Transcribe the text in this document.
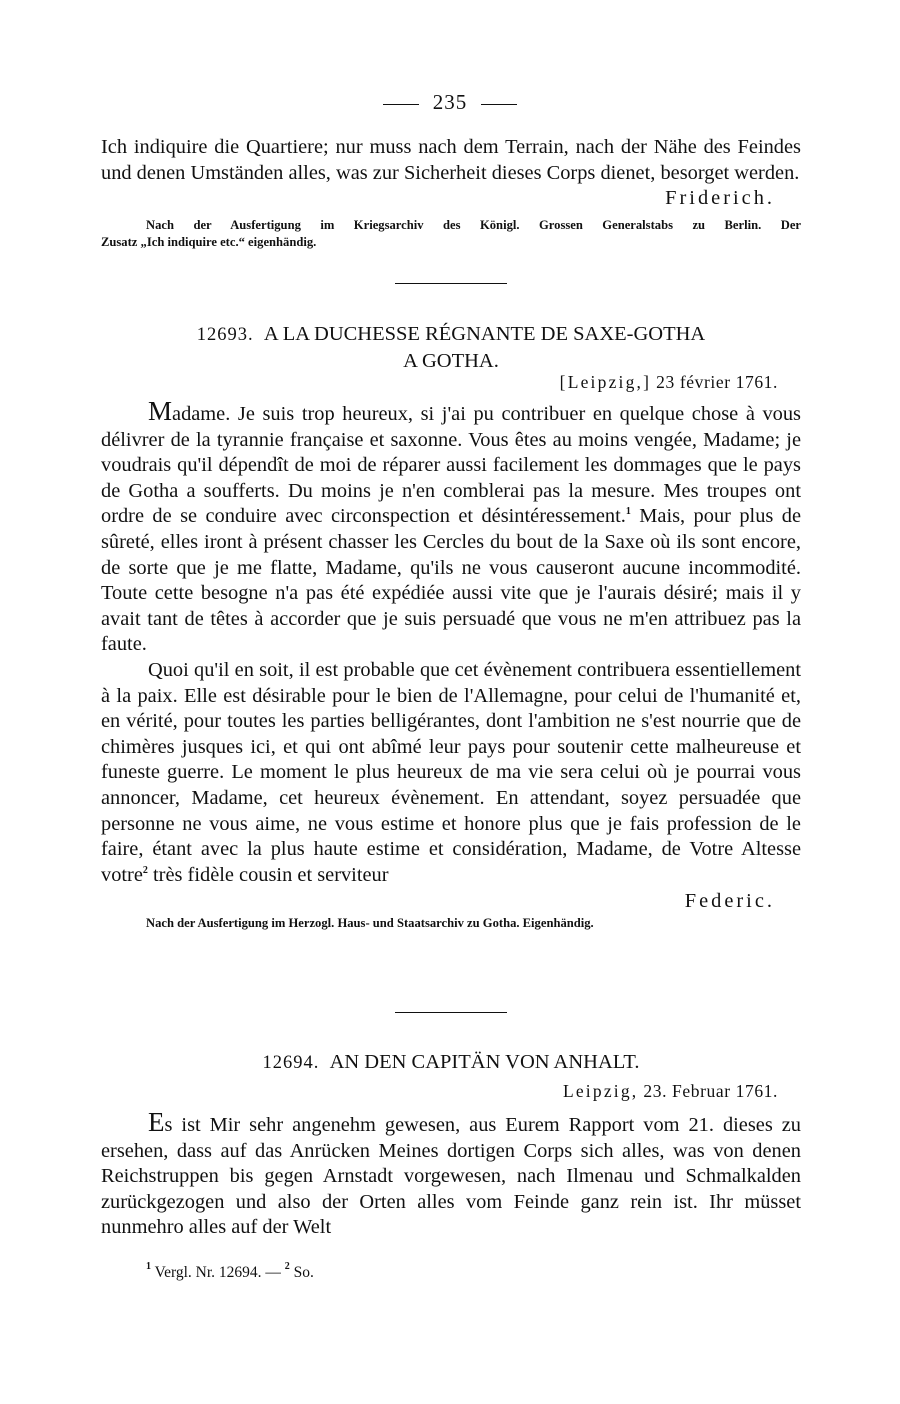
235

Ich indiquire die Quartiere; nur muss nach dem Terrain, nach der Nähe des Feindes und denen Umständen alles, was zur Sicherheit dieses Corps dienet, besorget werden.

Friderich.

Nach der Ausfertigung im Kriegsarchiv des Königl. Grossen Generalstabs zu Berlin. Der

Zusatz „Ich indiquire etc.“ eigenhändig.

12693. A LA DUCHESSE RÉGNANTE DE SAXE-GOTHA
A GOTHA.
[Leipzig,] 23 février 1761.

Madame. Je suis trop heureux, si j'ai pu contribuer en quelque chose à vous délivrer de la tyrannie française et saxonne. Vous êtes au moins vengée, Madame; je voudrais qu'il dépendît de moi de réparer aussi facilement les dommages que le pays de Gotha a soufferts. Du moins je n'en comblerai pas la mesure. Mes troupes ont ordre de se conduire avec circonspection et désintéressement.$^1$ Mais, pour plus de sûreté, elles iront à présent chasser les Cercles du bout de la Saxe où ils sont encore, de sorte que je me flatte, Madame, qu'ils ne vous causeront aucune incommodité. Toute cette besogne n'a pas été expédiée aussi vite que je l'aurais désiré; mais il y avait tant de têtes à accorder que je suis persuadé que vous ne m'en attribuez pas la faute.

Quoi qu'il en soit, il est probable que cet évènement contribuera essentiellement à la paix. Elle est désirable pour le bien de l'Allemagne, pour celui de l'humanité et, en vérité, pour toutes les parties belligérantes, dont l'ambition ne s'est nourrie que de chimères jusques ici, et qui ont abîmé leur pays pour soutenir cette malheureuse et funeste guerre. Le moment le plus heureux de ma vie sera celui où je pourrai vous annoncer, Madame, cet heureux évènement. En attendant, soyez persuadée que personne ne vous aime, ne vous estime et honore plus que je fais profession de le faire, étant avec la plus haute estime et considération, Madame, de Votre Altesse votre$^2$ très fidèle cousin et serviteur

Federic.

Nach der Ausfertigung im Herzogl. Haus- und Staatsarchiv zu Gotha. Eigenhändig.

12694. AN DEN CAPITÄN VON ANHALT.
Leipzig, 23. Februar 1761.

Es ist Mir sehr angenehm gewesen, aus Eurem Rapport vom 21. dieses zu ersehen, dass auf das Anrücken Meines dortigen Corps sich alles, was von denen Reichstruppen bis gegen Arnstadt vorgewesen, nach Ilmenau und Schmalkalden zurückgezogen und also der Orten alles vom Feinde ganz rein ist. Ihr müsset nunmehro alles auf der Welt

$^1$ Vergl. Nr. 12694. — $^2$ So.
